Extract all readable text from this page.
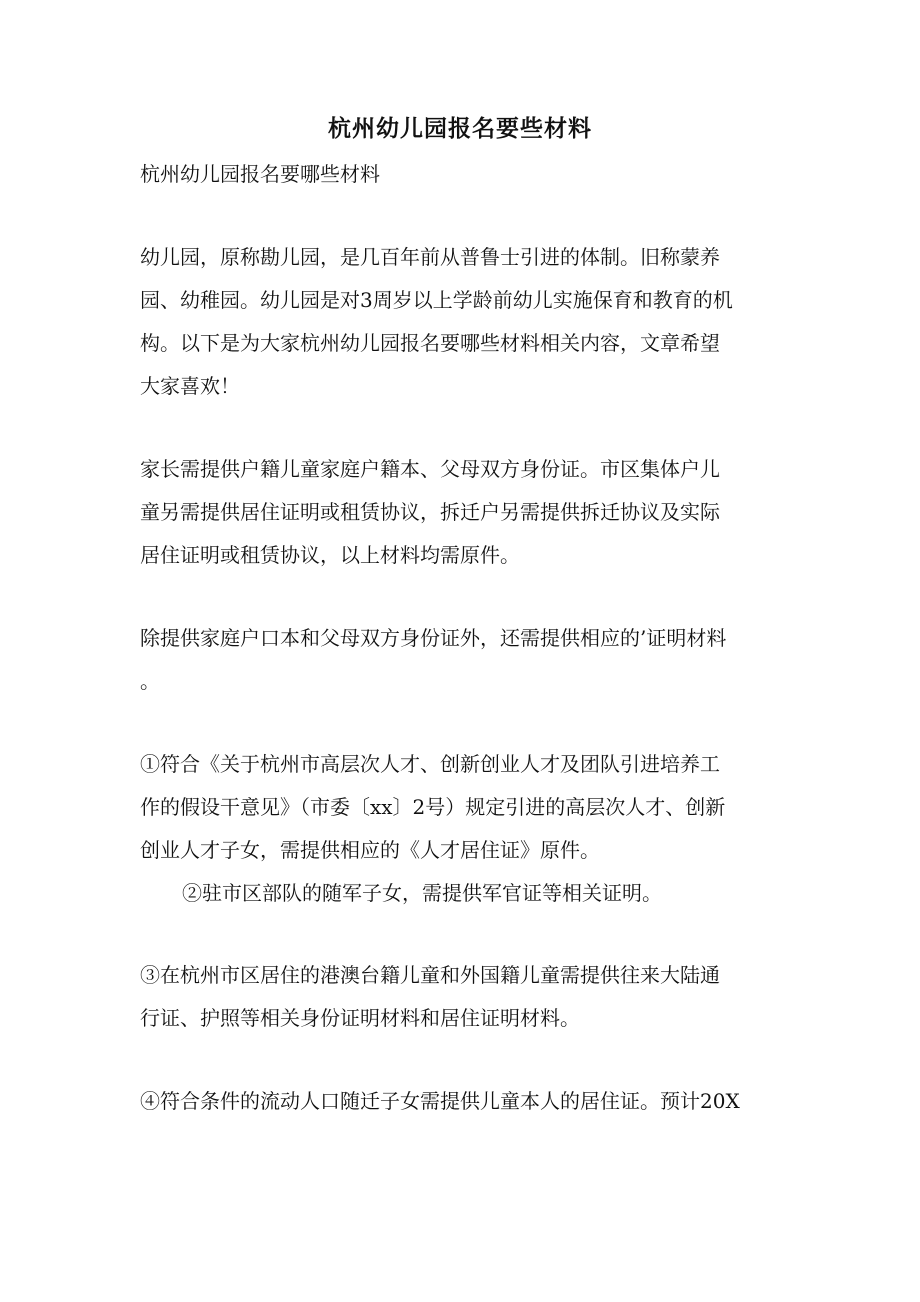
杭州幼儿园报名要些材料
杭州幼儿园报名要哪些材料
幼儿园，原称勘儿园，是几百年前从普鲁士引进的体制。旧称蒙养
园、幼稚园。幼儿园是对3周岁以上学龄前幼儿实施保育和教育的机
构。以下是为大家杭州幼儿园报名要哪些材料相关内容，文章希望
大家喜欢！
家长需提供户籍儿童家庭户籍本、父母双方身份证。市区集体户儿
童另需提供居住证明或租赁协议，拆迁户另需提供拆迁协议及实际
居住证明或租赁协议，以上材料均需原件。
除提供家庭户口本和父母双方身份证外，还需提供相应的’证明材料
。
①符合《关于杭州市高层次人才、创新创业人才及团队引进培养工
作的假设干意见》（市委〔xx〕2号）规定引进的高层次人才、创新
创业人才子女，需提供相应的《人才居住证》原件。
②驻市区部队的随军子女，需提供军官证等相关证明。
③在杭州市区居住的港澳台籍儿童和外国籍儿童需提供往来大陆通
行证、护照等相关身份证明材料和居住证明材料。
④符合条件的流动人口随迁子女需提供儿童本人的居住证。预计20X
